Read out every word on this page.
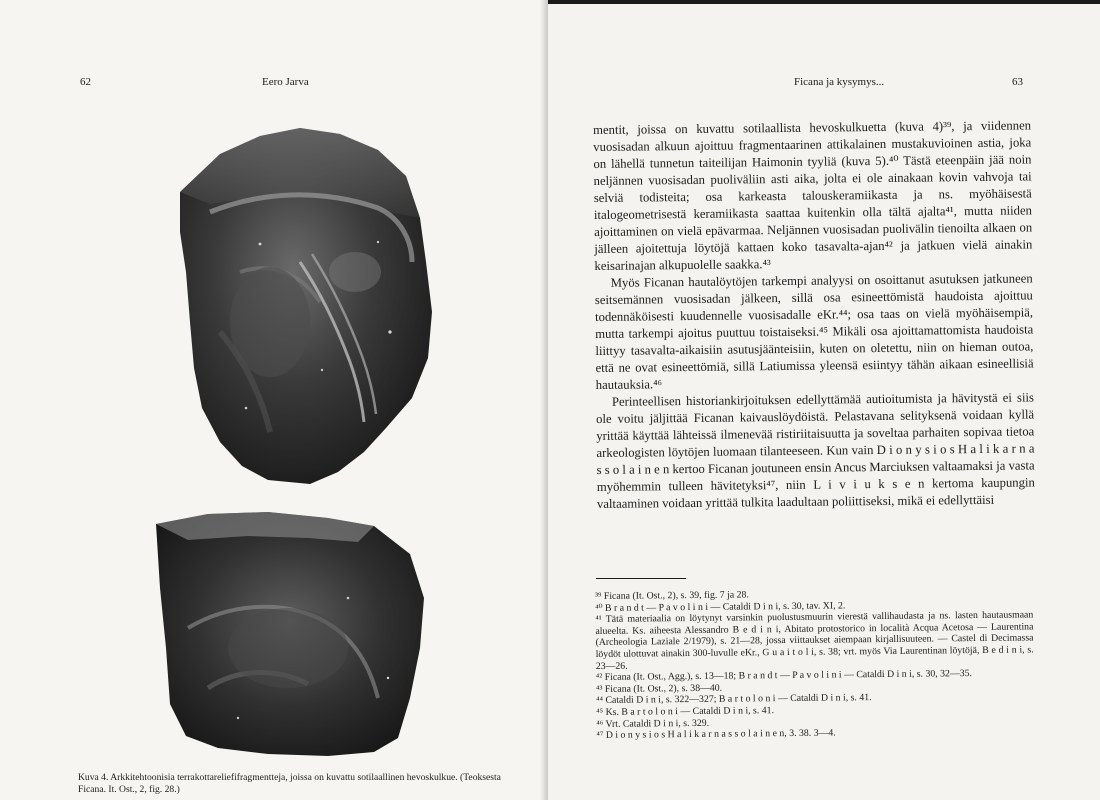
62	Eero Jarva
Kuva 4. Arkkitehtoonisia terrakottareliefifragmentteja, joissa on kuvattu sotilaallinen hevoskulkue. (Teoksesta Ficana. It. Ost., 2, fig. 28.)
Ficana ja kysymys...	63

mentit, joissa on kuvattu sotilaallista hevoskulkuetta (kuva 4)³⁹, ja viidennen vuosisadan alkuun ajoittuu fragmentaarinen attikalainen mustakuvioinen astia, joka on lähellä tunnetun taiteilijan Haimonin tyyliä (kuva 5).⁴⁰ Tästä eteenpäin jää noin neljännen vuosisadan puoliväliin asti aika, jolta ei ole ainakaan kovin vahvoja tai selviä todisteita; osa karkeasta talouskeramiikasta ja ns. myöhäisestä italogeometrisestä keramiikasta saattaa kuitenkin olla tältä ajalta⁴¹, mutta niiden ajoittaminen on vielä epävarmaa. Neljännen vuosisadan puolivälin tienoilta alkaen on jälleen ajoitettuja löytöjä kattaen koko tasavalta-ajan⁴² ja jatkuen vielä ainakin keisarinajan alkupuolelle saakka.⁴³

Myös Ficanan hautalöytöjen tarkempi analyysi on osoittanut asutuksen jatkuneen seitsemännen vuosisadan jälkeen, sillä osa esineettömistä haudoista ajoittuu todennäköisesti kuudennelle vuosisadalle eKr.⁴⁴; osa taas on vielä myöhäisempiä, mutta tarkempi ajoitus puuttuu toistaiseksi.⁴⁵ Mikäli osa ajoittamattomista haudoista liittyy tasavalta-aikaisiin asutusjäänteisiin, kuten on oletettu, niin on hieman outoa, että ne ovat esineettömiä, sillä Latiumissa yleensä esiintyy tähän aikaan esineellisiä hautauksia.⁴⁶

Perinteellisen historiankirjoituksen edellyttämää autioitumista ja hävitystä ei siis ole voitu jäljittää Ficanan kaivauslöydöistä. Pelastavana selityksenä voidaan kyllä yrittää käyttää lähteissä ilmenevää ristiriitaisuutta ja soveltaa parhaiten sopivaa tietoa arkeologisten löytöjen luomaan tilanteeseen. Kun vain D i o n y s i o s H a l i k a r n a s s o l a i n e n kertoo Ficanan joutuneen ensin Ancus Marciuksen valtaamaksi ja vasta myöhemmin tulleen hävitetyksi⁴⁷, niin L i v i u k s e n kertoma kaupungin valtaaminen voidaan yrittää tulkita laadultaan poliittiseksi, mikä ei edellyttäisi

³⁹ Ficana (It. Ost., 2), s. 39, fig. 7 ja 28.

⁴⁰ B r a n d t — P a v o l i n i — Cataldi D i n i, s. 30, tav. XI, 2.

⁴¹ Tätä materiaalia on löytynyt varsinkin puolustusmuurin vierestä vallihaudasta ja ns. lasten hautausmaan alueelta. Ks. aiheesta Alessandro B e d i n i, Abitato protostorico in località Acqua Acetosa — Laurentina (Archeologia Laziale 2/1979), s. 21—28, jossa viittaukset aiempaan kirjallisuuteen. — Castel di Decimassa löydöt ulottuvat ainakin 300-luvulle eKr., G u a i t o l i, s. 38; vrt. myös Via Laurentinan löytöjä, B e d i n i, s. 23—26.

⁴² Ficana (It. Ost., Agg.), s. 13—18; B r a n d t — P a v o l i n i — Cataldi D i n i, s. 30, 32—35.

⁴³ Ficana (It. Ost., 2), s. 38—40.

⁴⁴ Cataldi D i n i, s. 322—327; B a r t o l o n i — Cataldi D i n i, s. 41.

⁴⁵ Ks. B a r t o l o n i — Cataldi D i n i, s. 41.

⁴⁶ Vrt. Cataldi D i n i, s. 329.

⁴⁷ D i o n y s i o s H a l i k a r n a s s o l a i n e n, 3. 38. 3—4.
